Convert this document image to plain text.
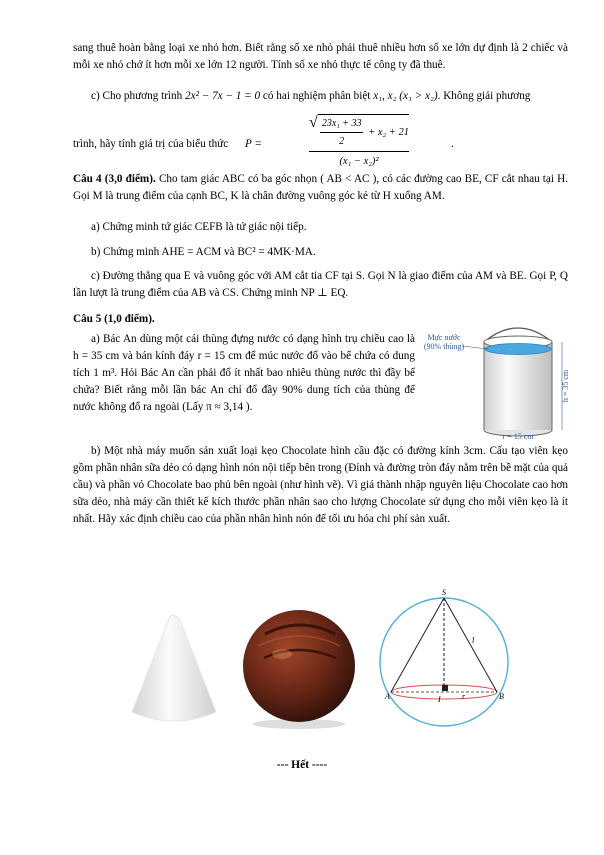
sang thuê hoàn bằng loại xe nhỏ hơn. Biết rằng số xe nhỏ phải thuê nhiều hơn số xe lớn dự định là 2 chiếc và mỗi xe nhỏ chở ít hơn mỗi xe lớn 12 người. Tính số xe nhỏ thực tế công ty đã thuê.

c) Cho phương trình 2x² − 7x − 1 = 0 có hai nghiệm phân biệt x₁, x₂ (x₁ > x₂). Không giải phương

trình, hãy tính giá trị của biểu thức P =
√ $\frac{\text{23x₁ + 33}}{2} + x_2 + 21$
(x₁ − x₂)²
.

Câu 4 (3,0 điểm). Cho tam giác ABC có ba góc nhọn ( AB < AC ), có các đường cao BE, CF cắt nhau tại H. Gọi M là trung điểm của cạnh BC, K là chân đường vuông góc kẻ từ H xuống AM.

a) Chứng minh tứ giác CEFB là tứ giác nội tiếp.

b) Chứng minh AHE = ACM và BC² = 4MK·MA.

c) Đường thẳng qua E và vuông góc với AM cắt tia CF tại S. Gọi N là giao điểm của AM và BE. Gọi P, Q lần lượt là trung điểm của AB và CS. Chứng minh NP ⊥ EQ.

Câu 5 (1,0 điểm).

a) Bác An dùng một cái thùng đựng nước có dạng hình trụ chiều cao là h = 35 cm và bán kính đáy r = 15 cm để múc nước đổ vào bể chứa có dung tích 1 m³. Hỏi Bác An cần phải đổ ít nhất bao nhiêu thùng nước thì đầy bể chứa? Biết rằng mỗi lần bác An chỉ đổ đầy 90% dung tích của thùng để nước không đổ ra ngoài (Lấy π ≈ 3,14 ).

Mực nước
(90% thùng)
h = 35 cm
r = 15 cm

b) Một nhà máy muốn sản xuất loại kẹo Chocolate hình cầu đặc có đường kính 3cm. Cấu tạo viên kẹo gồm phần nhân sữa dẻo có dạng hình nón nội tiếp bên trong (Đỉnh và đường tròn đáy nằm trên bề mặt của quả cầu) và phần vỏ Chocolate bao phủ bên ngoài (như hình vẽ). Vì giá thành nhập nguyên liệu Chocolate cao hơn sữa dẻo, nhà máy cần thiết kế kích thước phần nhân sao cho lượng Chocolate sử dụng cho mỗi viên kẹo là ít nhất. Hãy xác định chiều cao của phần nhân hình nón để tối ưu hóa chi phí sản xuất.

S
A	B
I
l
r
--- Hết ----
